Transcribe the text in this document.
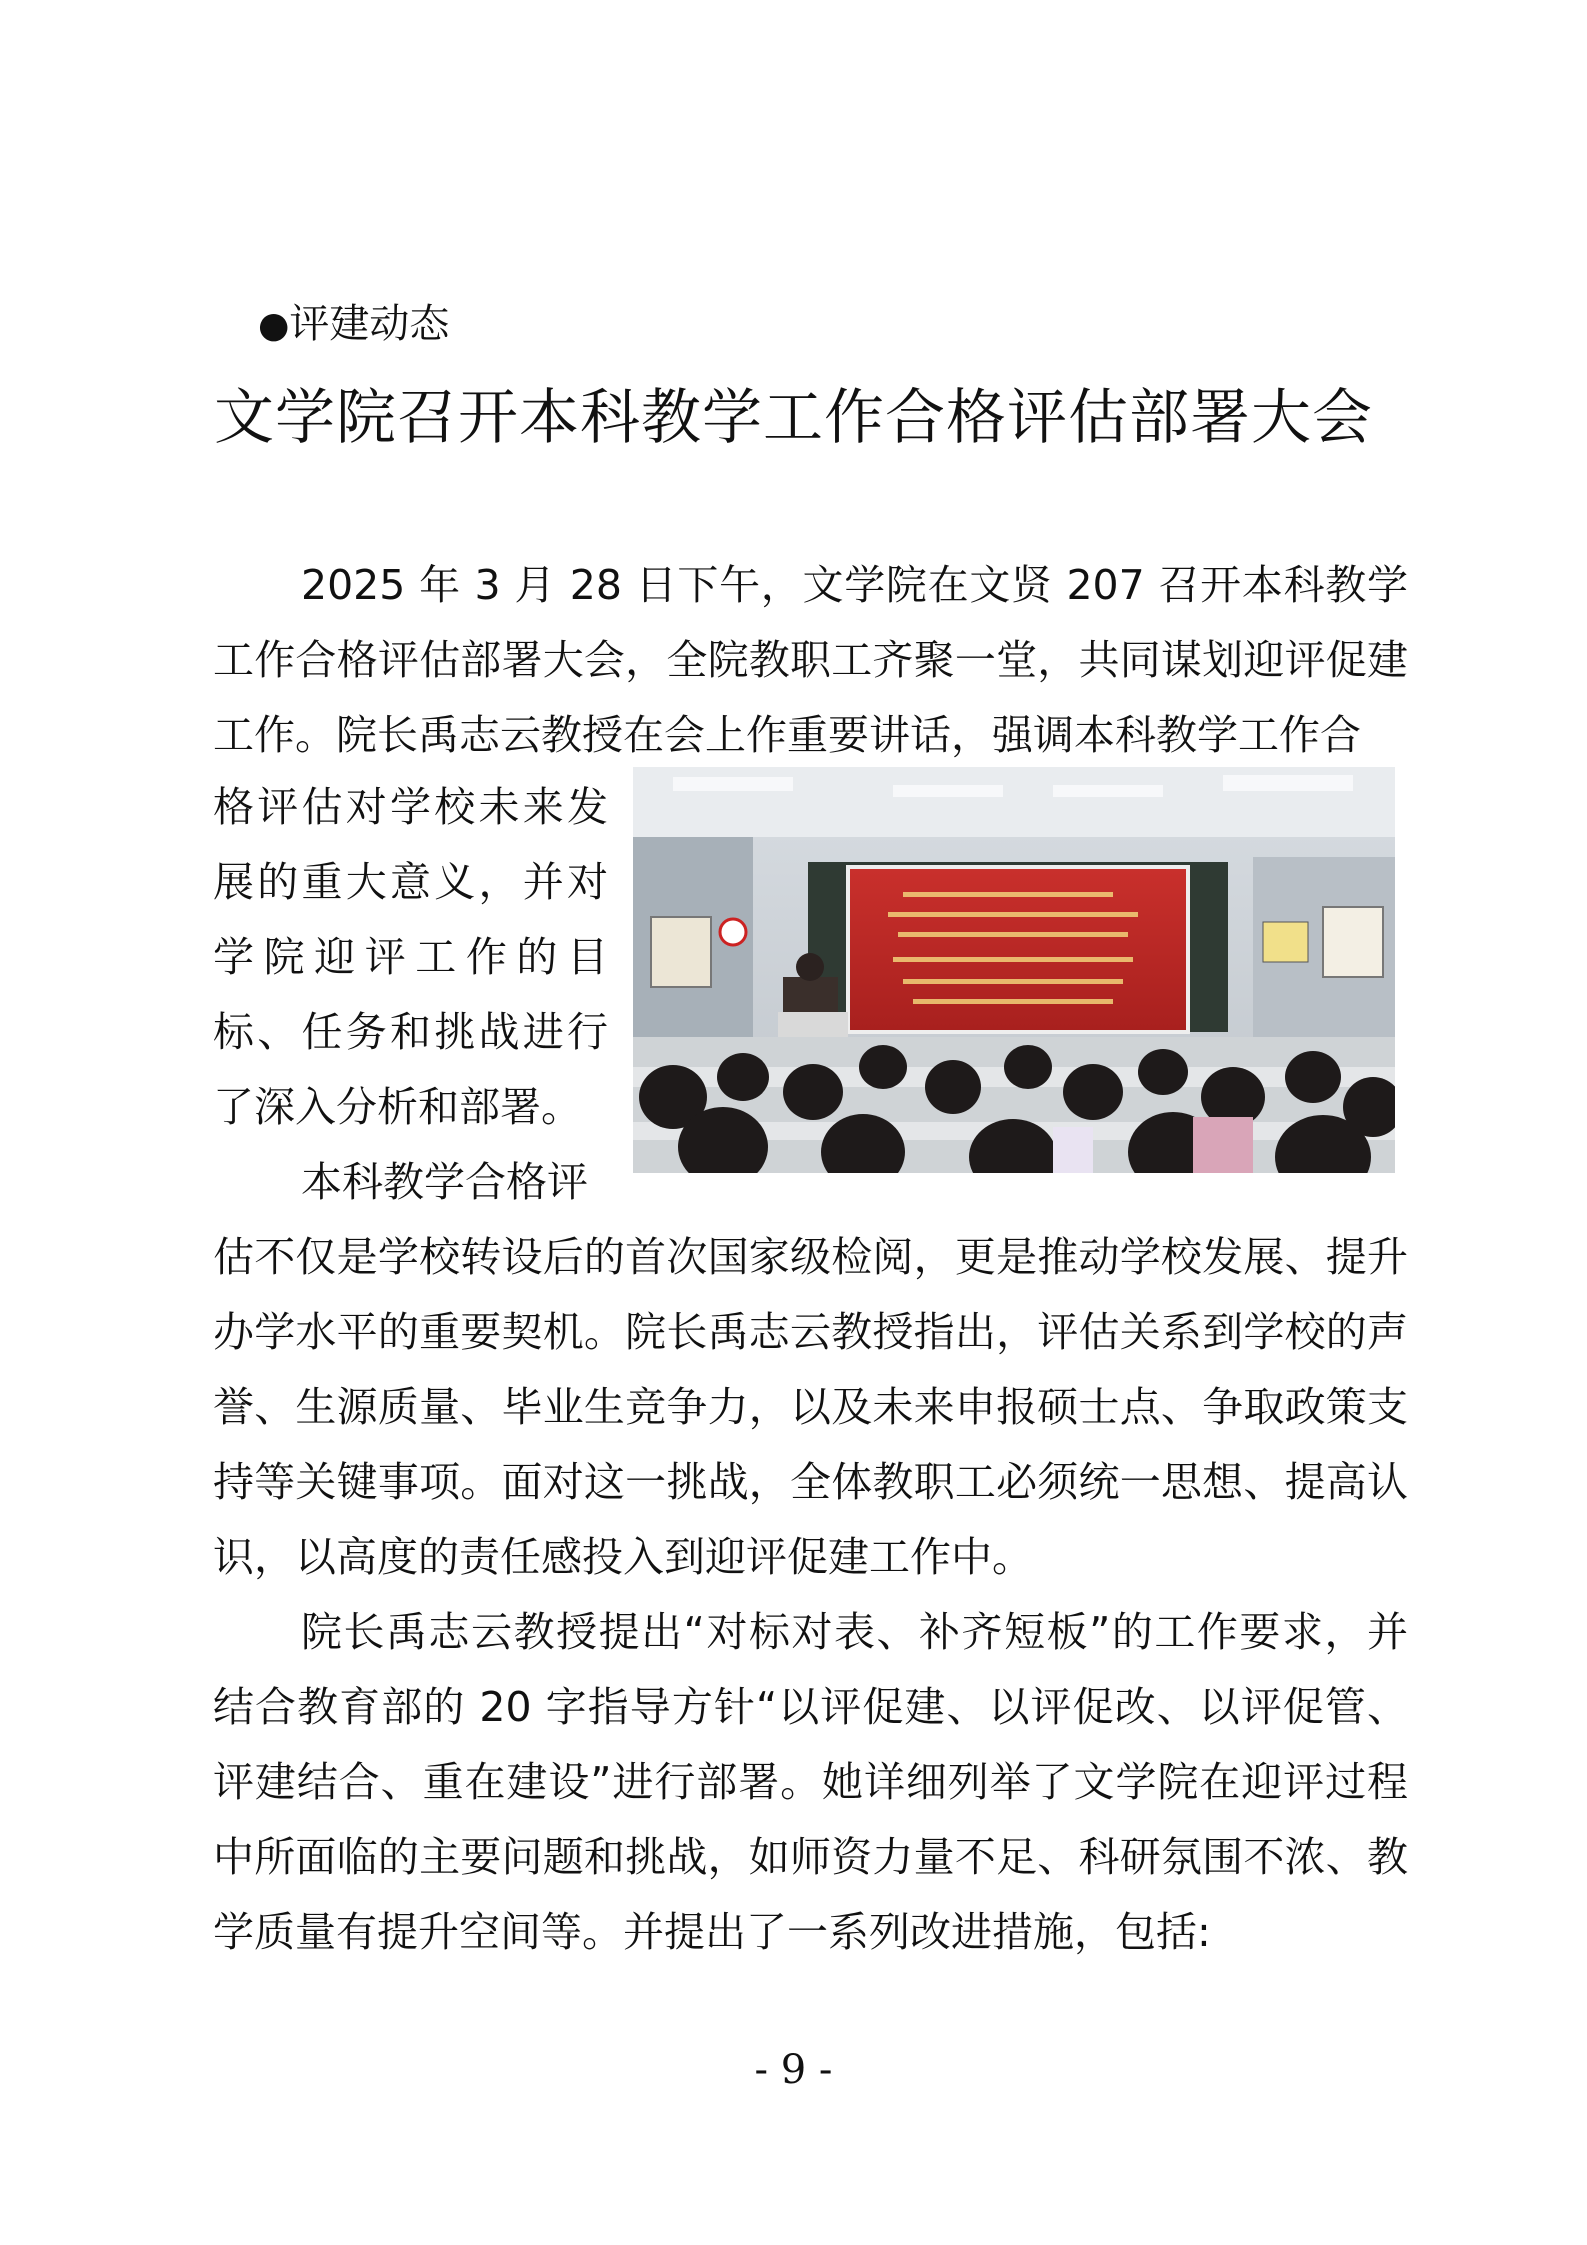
●评建动态
文学院召开本科教学工作合格评估部署大会

2025 年 3 月 28 日下午，文学院在文贤 207 召开本科教学工作合格评估部署大会，全院教职工齐聚一堂，共同谋划迎评促建工作。院长禹志云教授在会上作重要讲话，强调本科教学工作合

格评估对学校未来发展的重大意义，并对学院迎评工作的目标、任务和挑战进行了深入分析和部署。

本科教学合格评

估不仅是学校转设后的首次国家级检阅，更是推动学校发展、提升办学水平的重要契机。院长禹志云教授指出，评估关系到学校的声誉、生源质量、毕业生竞争力，以及未来申报硕士点、争取政策支持等关键事项。面对这一挑战，全体教职工必须统一思想、提高认识，以高度的责任感投入到迎评促建工作中。

院长禹志云教授提出“对标对表、补齐短板”的工作要求，并结合教育部的 20 字指导方针“以评促建、以评促改、以评促管、评建结合、重在建设”进行部署。她详细列举了文学院在迎评过程中所面临的主要问题和挑战，如师资力量不足、科研氛围不浓、教学质量有提升空间等。并提出了一系列改进措施，包括:

- 9 -
